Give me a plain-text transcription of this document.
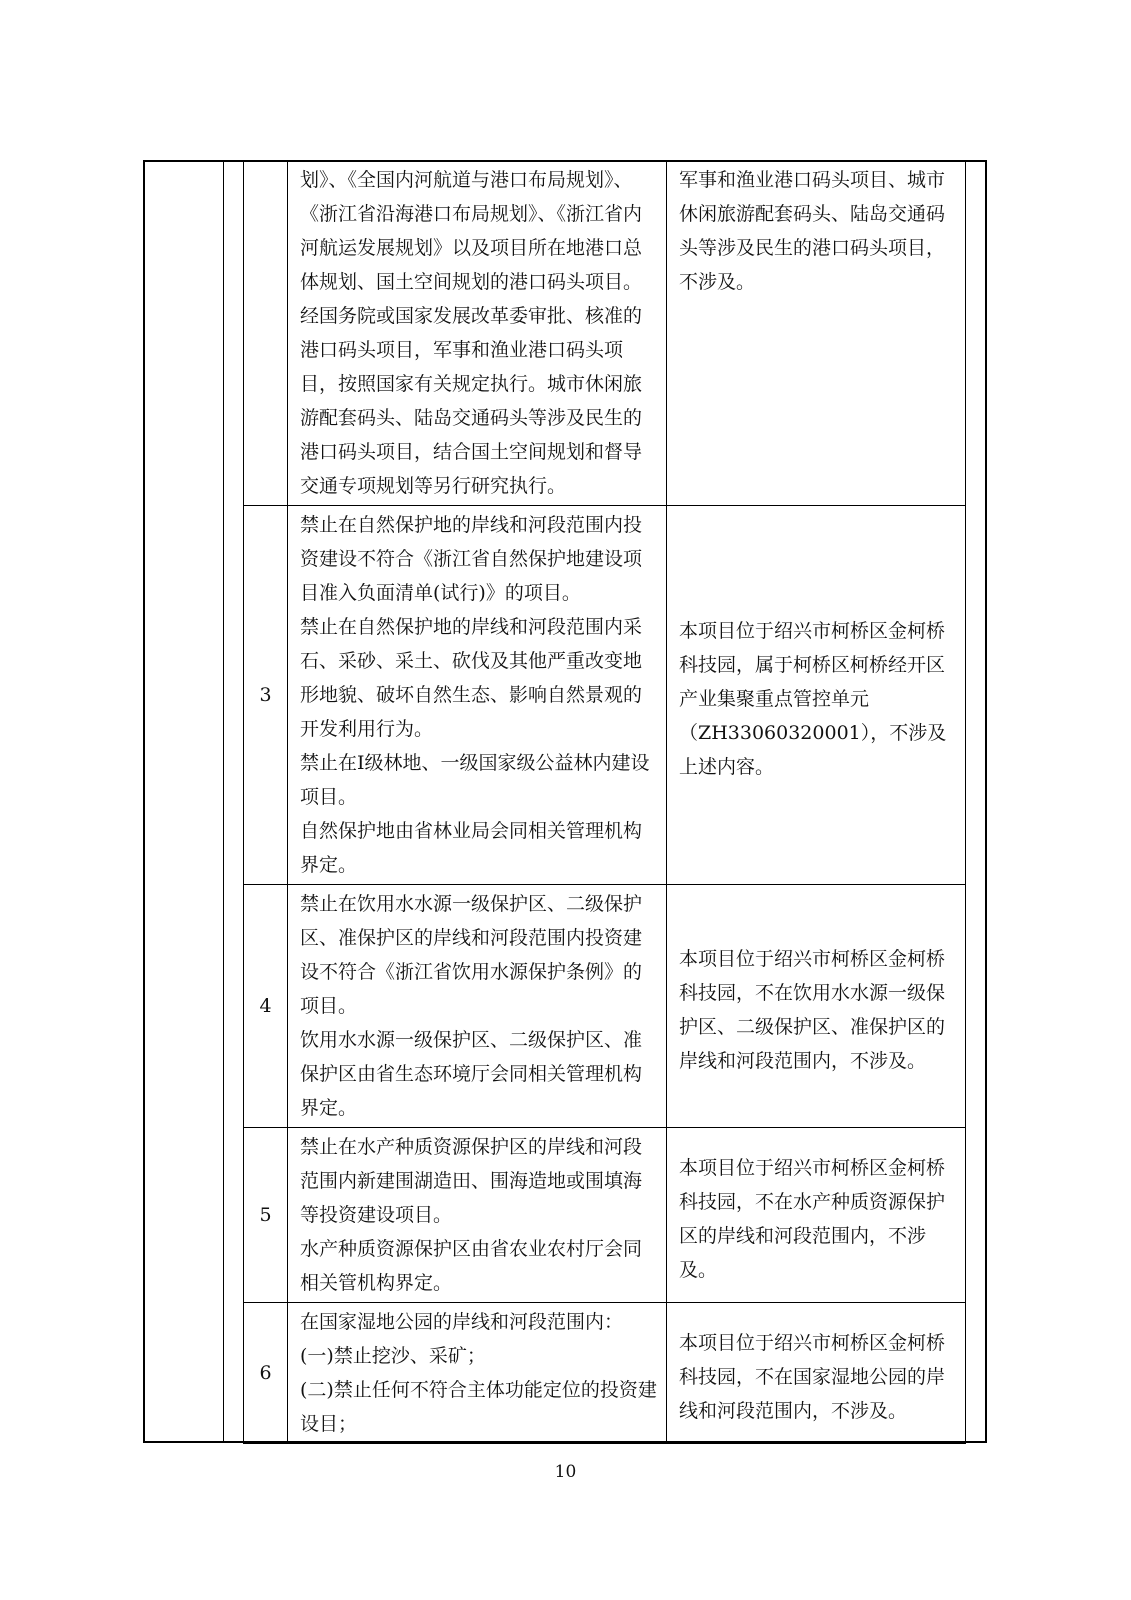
	划》、《全国内河航道与港口布局规划》、《浙江省沿海港口布局规划》、《浙江省内河航运发展规划》以及项目所在地港口总体规划、国土空间规划的港口码头项目。

经国务院或国家发展改革委审批、核准的港口码头项目，军事和渔业港口码头项目，按照国家有关规定执行。城市休闲旅游配套码头、陆岛交通码头等涉及民生的港口码头项目，结合国土空间规划和督导交通专项规划等另行研究执行。	军事和渔业港口码头项目、城市休闲旅游配套码头、陆岛交通码头等涉及民生的港口码头项目，不涉及。
3	禁止在自然保护地的岸线和河段范围内投资建设不符合《浙江省自然保护地建设项目准入负面清单(试行)》的项目。

禁止在自然保护地的岸线和河段范围内采石、采砂、采土、砍伐及其他严重改变地形地貌、破坏自然生态、影响自然景观的开发利用行为。

禁止在I级林地、一级国家级公益林内建设项目。

自然保护地由省林业局会同相关管理机构界定。	本项目位于绍兴市柯桥区金柯桥科技园，属于柯桥区柯桥经开区产业集聚重点管控单元（ZH33060320001），不涉及上述内容。
4	禁止在饮用水水源一级保护区、二级保护区、准保护区的岸线和河段范围内投资建设不符合《浙江省饮用水源保护条例》的项目。

饮用水水源一级保护区、二级保护区、准保护区由省生态环境厅会同相关管理机构界定。	本项目位于绍兴市柯桥区金柯桥科技园，不在饮用水水源一级保护区、二级保护区、准保护区的岸线和河段范围内，不涉及。
5	禁止在水产种质资源保护区的岸线和河段范围内新建围湖造田、围海造地或围填海等投资建设项目。

水产种质资源保护区由省农业农村厅会同相关管机构界定。	本项目位于绍兴市柯桥区金柯桥科技园，不在水产种质资源保护区的岸线和河段范围内，不涉及。
6	在国家湿地公园的岸线和河段范围内：

(一)禁止挖沙、采矿；

(二)禁止任何不符合主体功能定位的投资建设目；	本项目位于绍兴市柯桥区金柯桥科技园，不在国家湿地公园的岸线和河段范围内，不涉及。
10
